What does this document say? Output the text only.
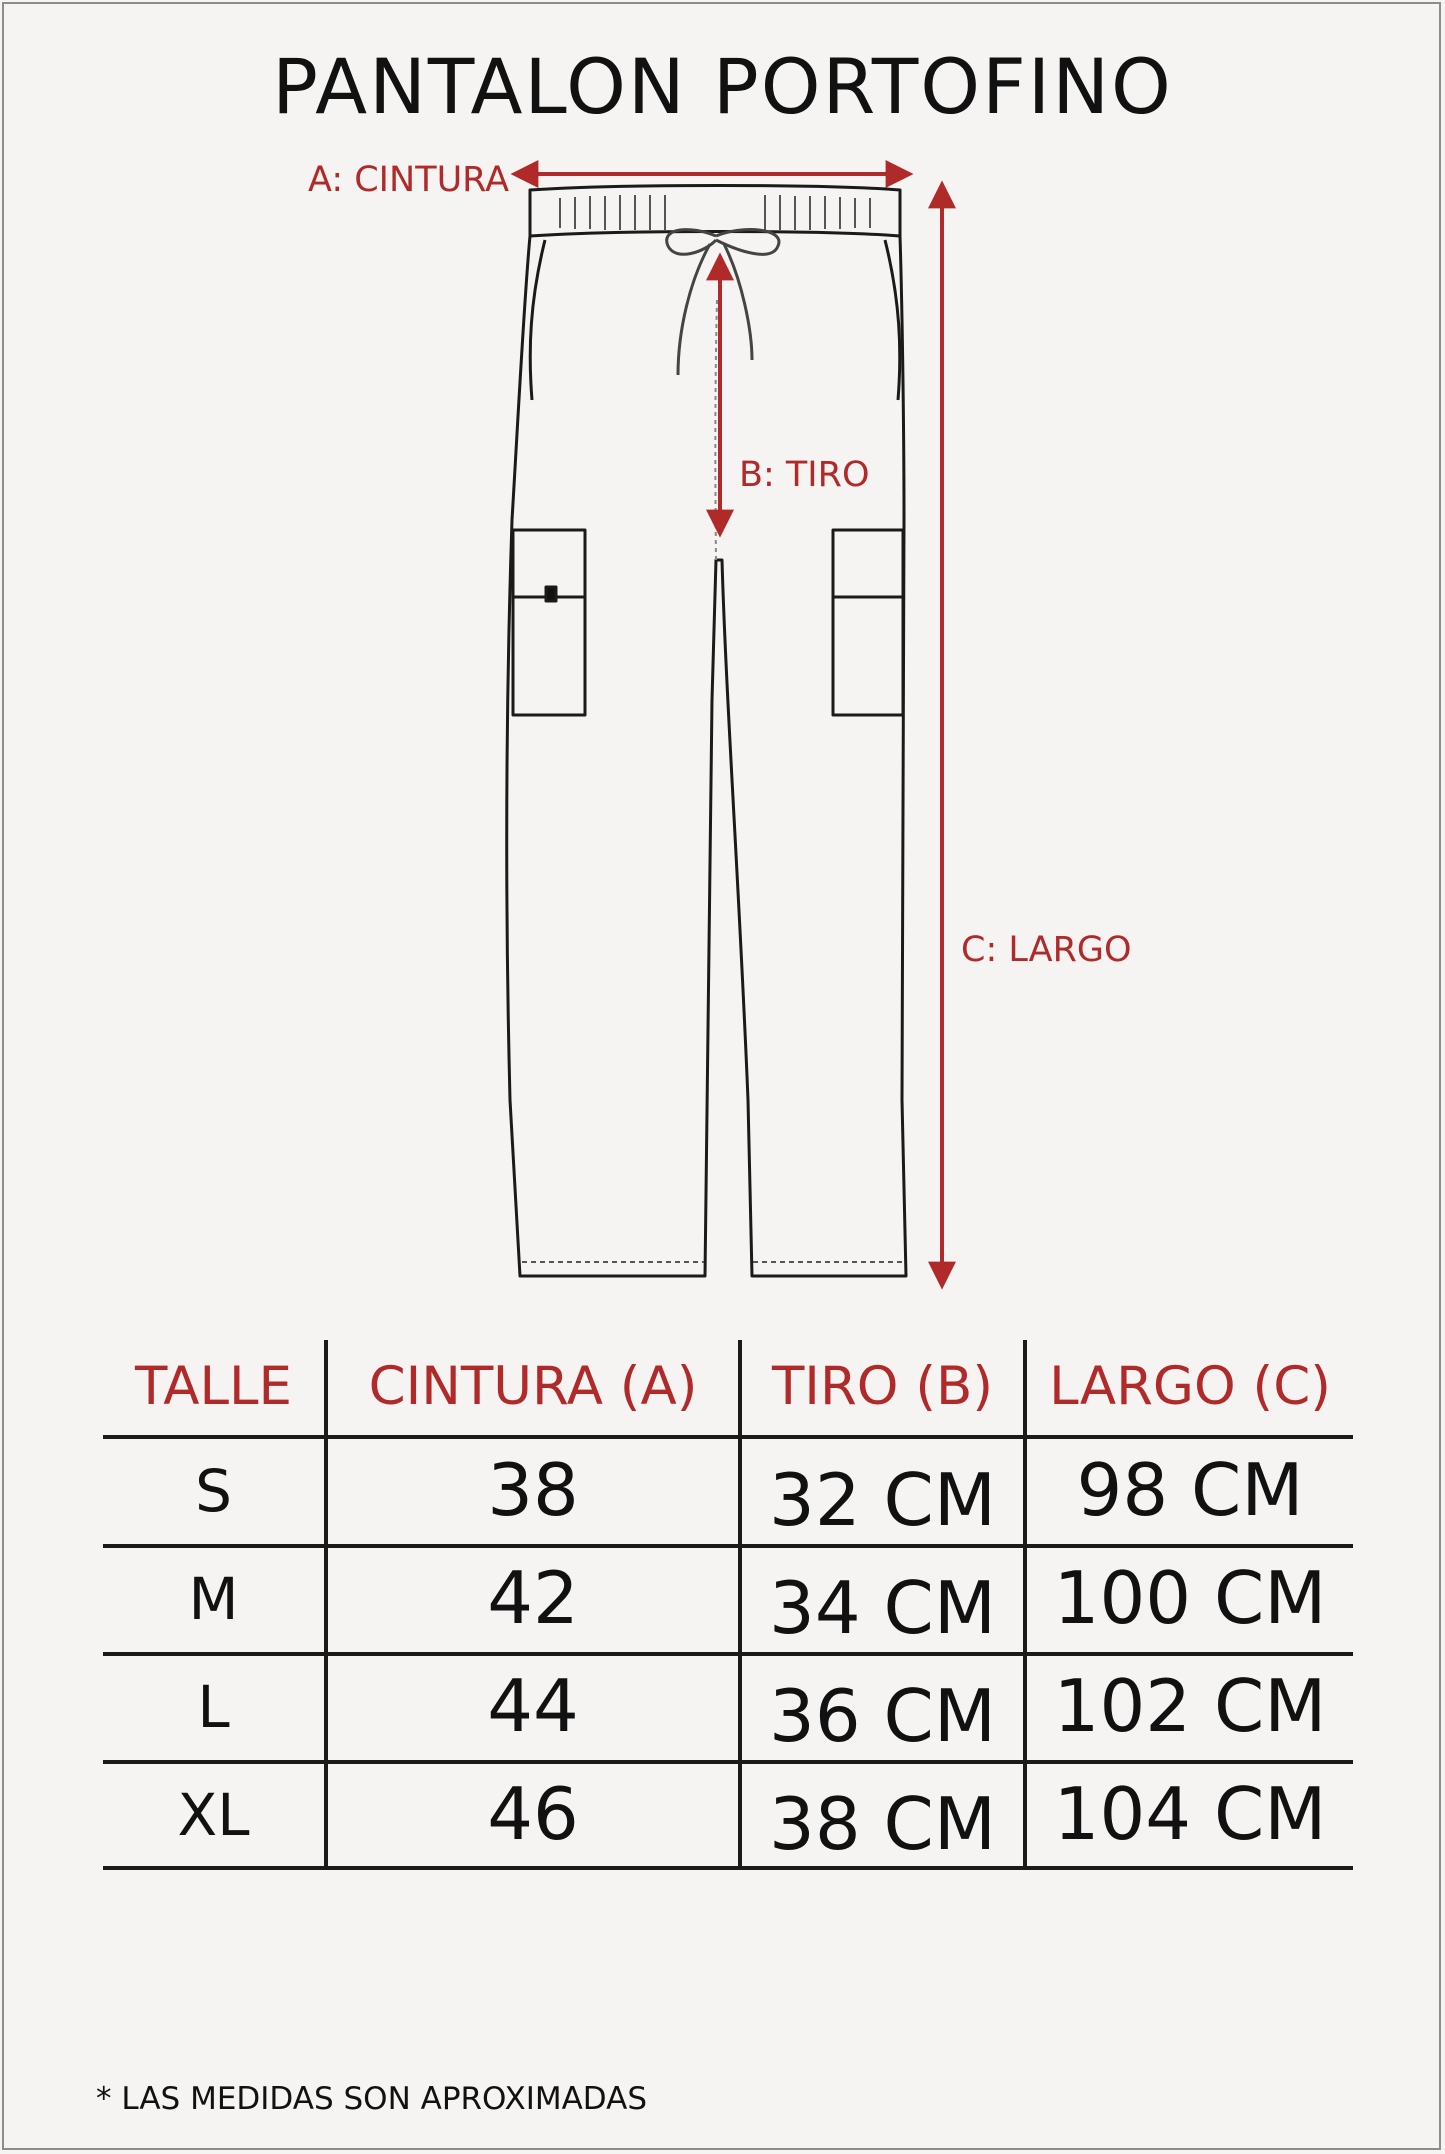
PANTALON PORTOFINO
A: CINTURA
B: TIRO
C: LARGO
TALLE	CINTURA (A)	TIRO (B)	LARGO (C)
S	38	32 CM	98 CM
M	42	34 CM 100 CM
L	44	36 CM 102 CM
XL	46	38 CM 104 CM
* LAS MEDIDAS SON APROXIMADAS
